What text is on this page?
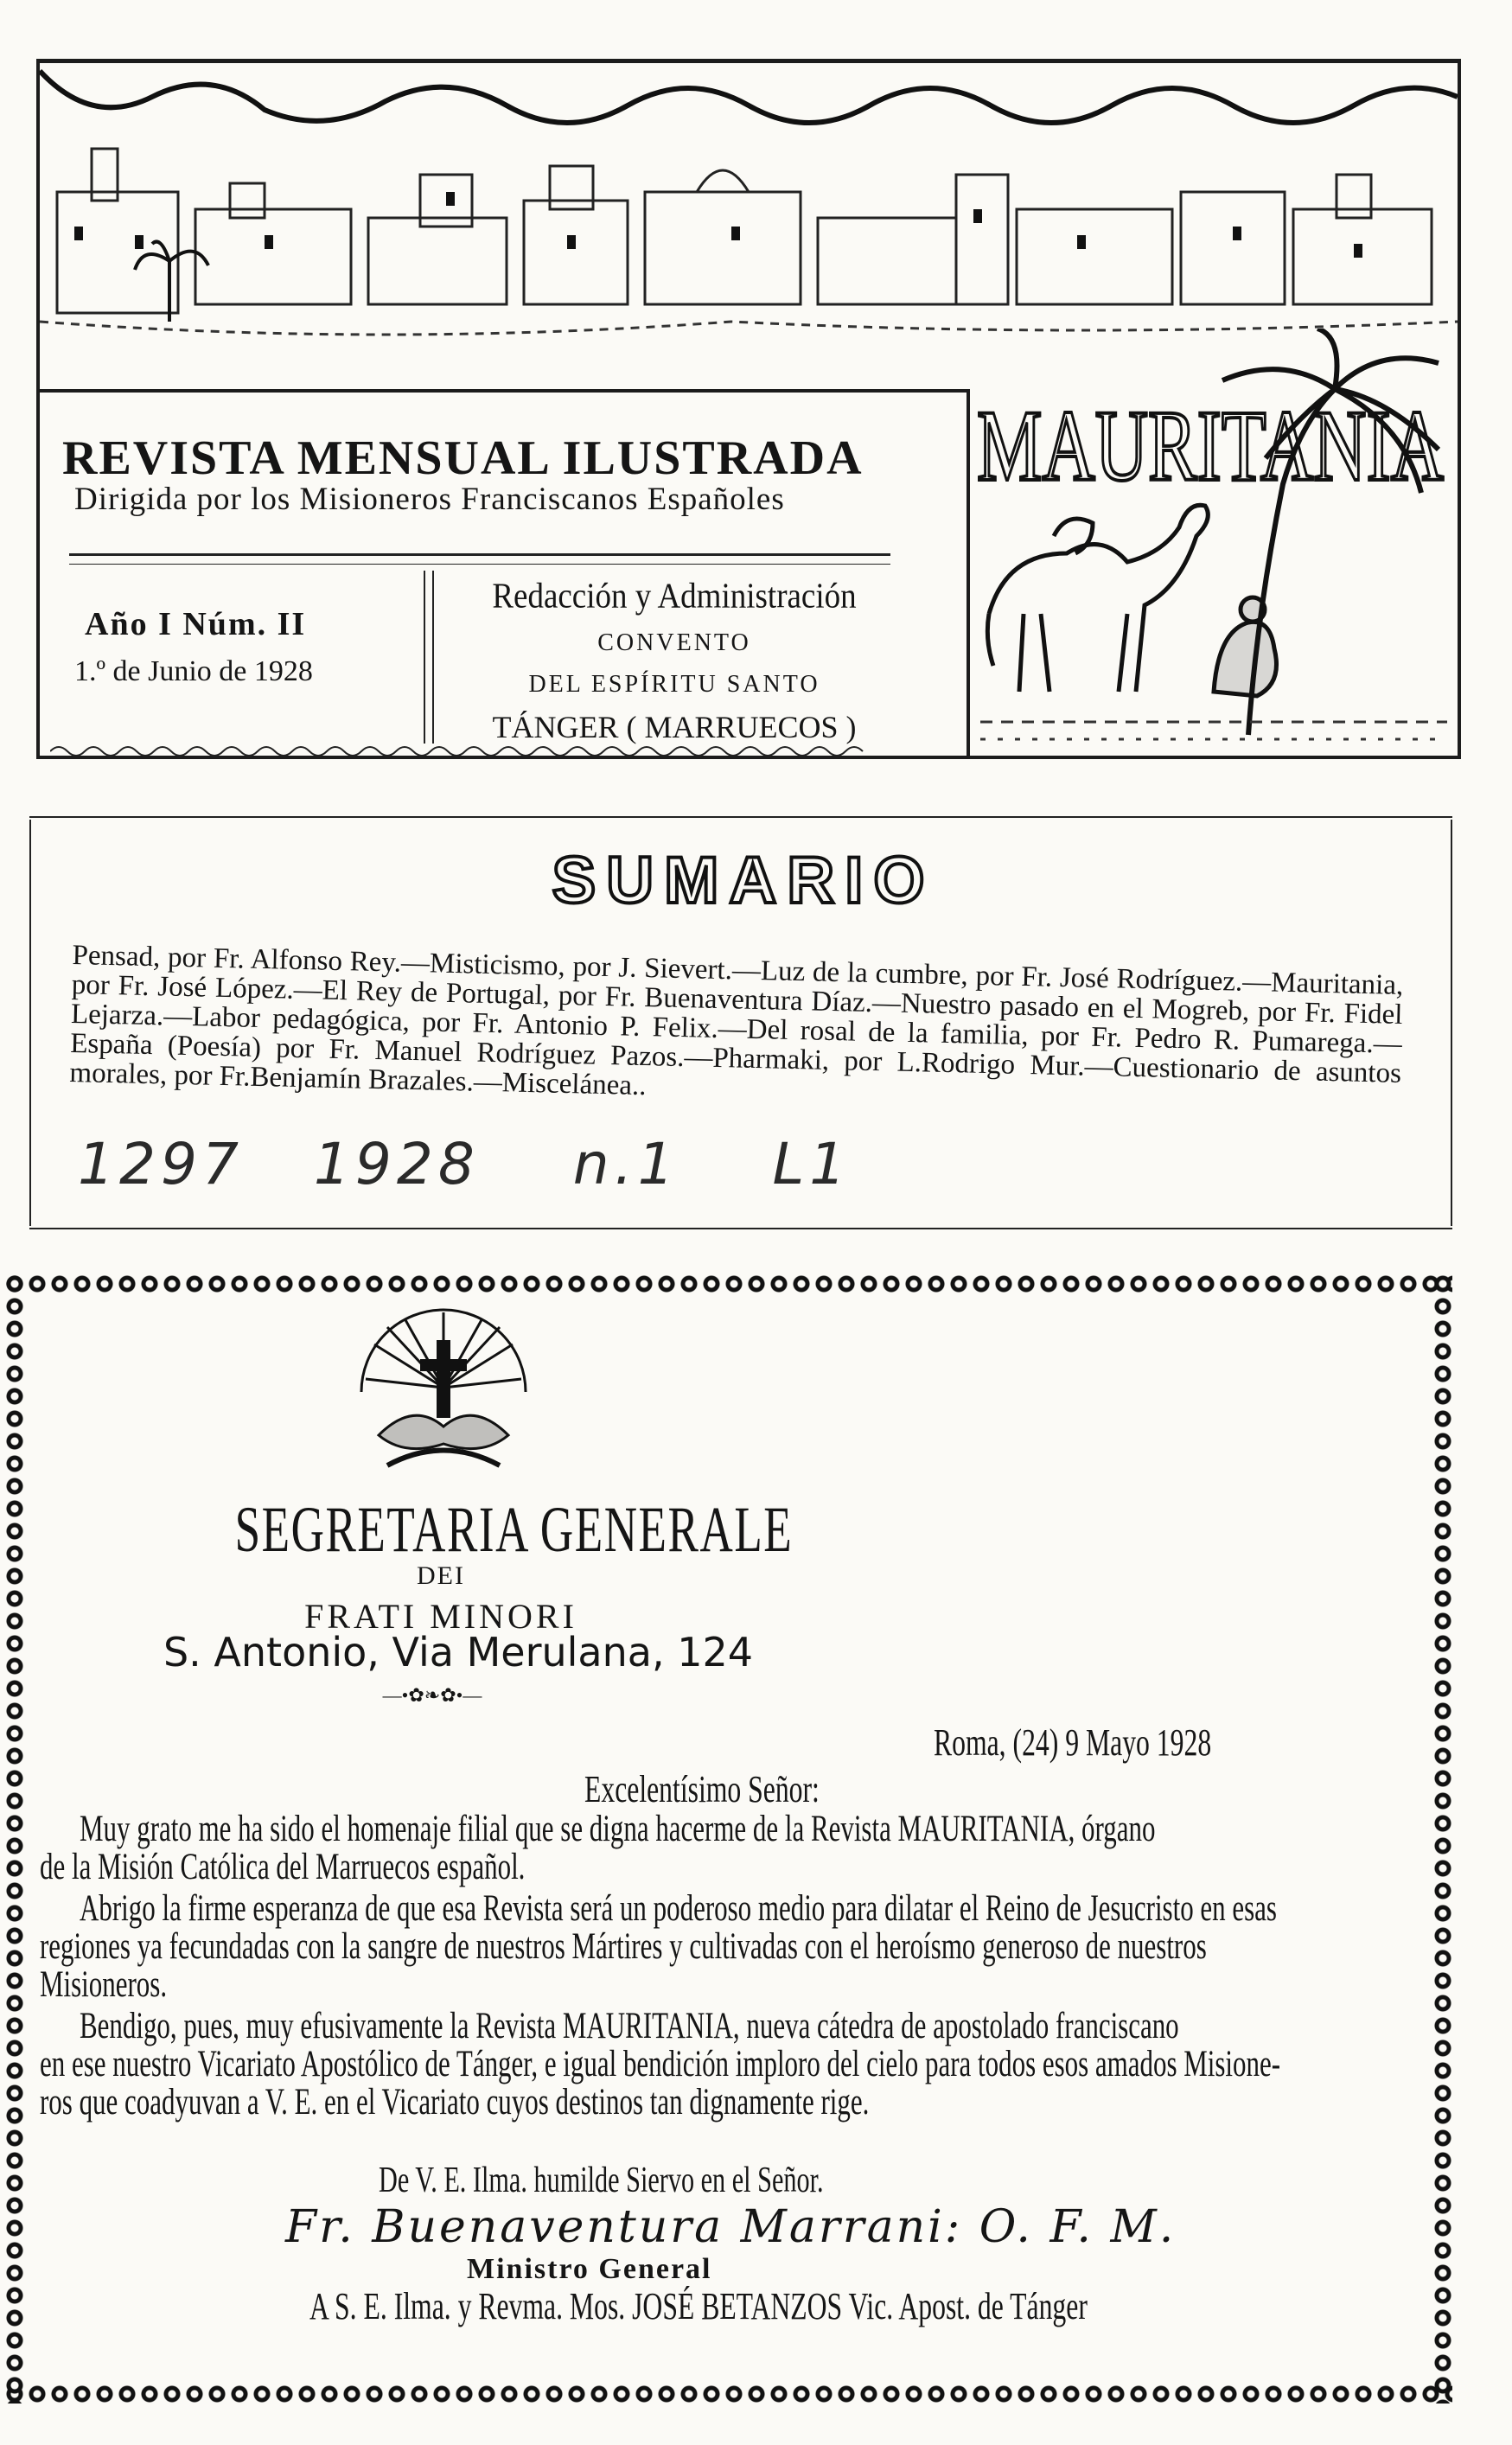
MAURITANIA
REVISTA MENSUAL ILUSTRADA
Dirigida por los Misioneros Franciscanos Españoles
Año I Núm. II
1.º de Junio de 1928
Redacción y Administración
CONVENTO
DEL ESPÍRITU SANTO
TÁNGER ( MARRUECOS )
SUMARIO
Pensad, por Fr. Alfonso Rey.—Misticismo, por J. Sievert.—Luz de la cumbre, por Fr. José Rodríguez.—Mauritania, por Fr. José López.—El Rey de Portugal, por Fr. Buenaventura Díaz.—Nuestro pasado en el Mogreb, por Fr. Fidel Lejarza.—Labor pedagógica, por Fr. Antonio P. Felix.—Del rosal de la familia, por Fr. Pedro R. Pumarega.—España (Poesía) por Fr. Manuel Rodríguez Pazos.—Pharmaki, por L.Rodrigo Mur.—Cuestionario de asuntos morales, por Fr.Benjamín Brazales.—Miscelánea..
1297   1928    n.1    L1
SEGRETARIA GENERALE
DEI
FRATI MINORI
S. Antonio, Via Merulana, 124
—•✿❧✿•—
Roma, (24) 9 Mayo 1928
Excelentísimo Señor:
Muy grato me ha sido el homenaje filial que se digna hacerme de la Revista MAURITANIA, órgano
de la Misión Católica del Marruecos español.
Abrigo la firme esperanza de que esa Revista será un poderoso medio para dilatar el Reino de Jesucristo en esas
regiones ya fecundadas con la sangre de nuestros Mártires y cultivadas con el heroísmo generoso de nuestros
Misioneros.
Bendigo, pues, muy efusivamente la Revista MAURITANIA, nueva cátedra de apostolado franciscano
en ese nuestro Vicariato Apostólico de Tánger, e igual bendición imploro del cielo para todos esos amados Misione-
ros que coadyuvan a V. E. en el Vicariato cuyos destinos tan dignamente rige.
De V. E. Ilma. humilde Siervo en el Señor.
Fr. Buenaventura Marrani: O. F. M.
Ministro General
A S. E. Ilma. y Revma. Mos. JOSÉ BETANZOS Vic. Apost. de Tánger
